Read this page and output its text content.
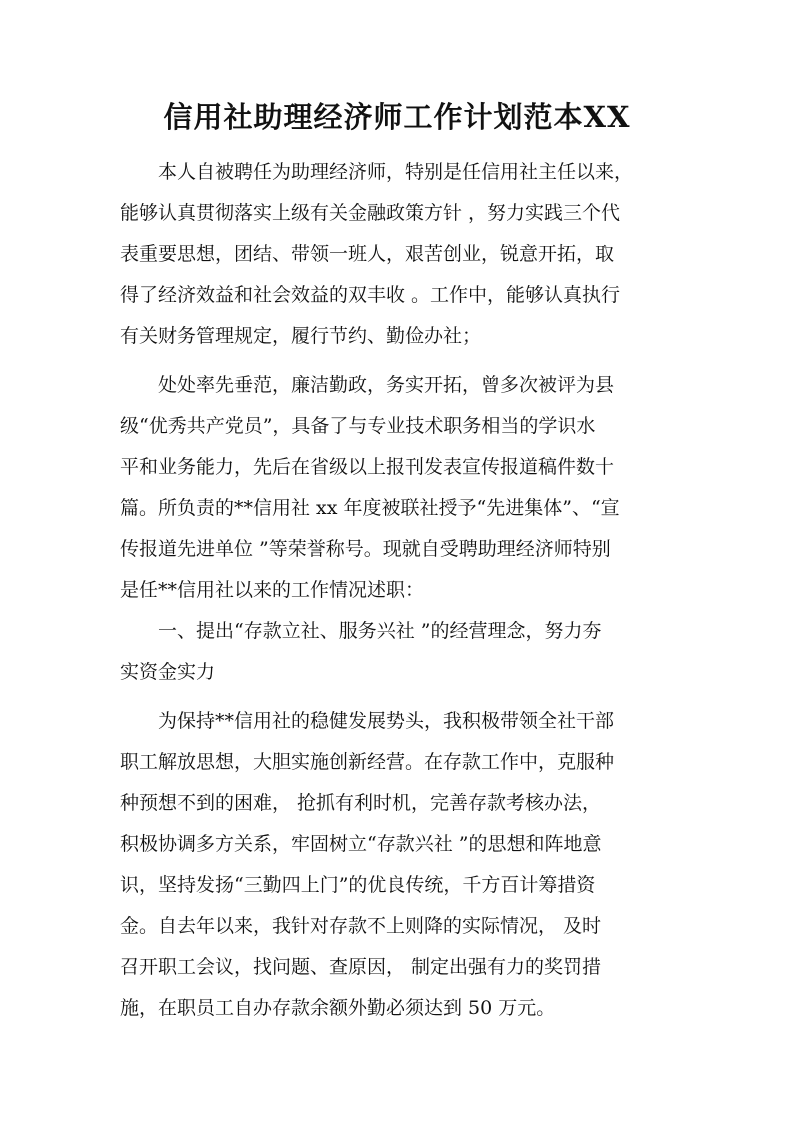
信用社助理经济师工作计划范本XX
　　本人自被聘任为助理经济师，特别是任信用社主任以来，
能够认真贯彻落实上级有关金融政策方针 ，努力实践三个代
表重要思想，团结、带领一班人，艰苦创业，锐意开拓，取
得了经济效益和社会效益的双丰收 。工作中，能够认真执行
有关财务管理规定，履行节约、勤俭办社；
　　处处率先垂范，廉洁勤政，务实开拓，曾多次被评为县
级“优秀共产党员”，具备了与专业技术职务相当的学识水
平和业务能力，先后在省级以上报刊发表宣传报道稿件数十
篇。所负责的**信用社 xx 年度被联社授予“先进集体”、“宣
传报道先进单位 ”等荣誉称号。现就自受聘助理经济师特别
是任**信用社以来的工作情况述职：
　　一、提出“存款立社、服务兴社 ”的经营理念，努力夯
实资金实力
　　为保持**信用社的稳健发展势头，我积极带领全社干部
职工解放思想，大胆实施创新经营。在存款工作中，克服种
种预想不到的困难， 抢抓有利时机，完善存款考核办法，
积极协调多方关系，牢固树立“存款兴社 ”的思想和阵地意
识，坚持发扬“三勤四上门”的优良传统，千方百计筹措资
金。自去年以来，我针对存款不上则降的实际情况， 及时
召开职工会议，找问题、查原因， 制定出强有力的奖罚措
施，在职员工自办存款余额外勤必须达到 50 万元。
